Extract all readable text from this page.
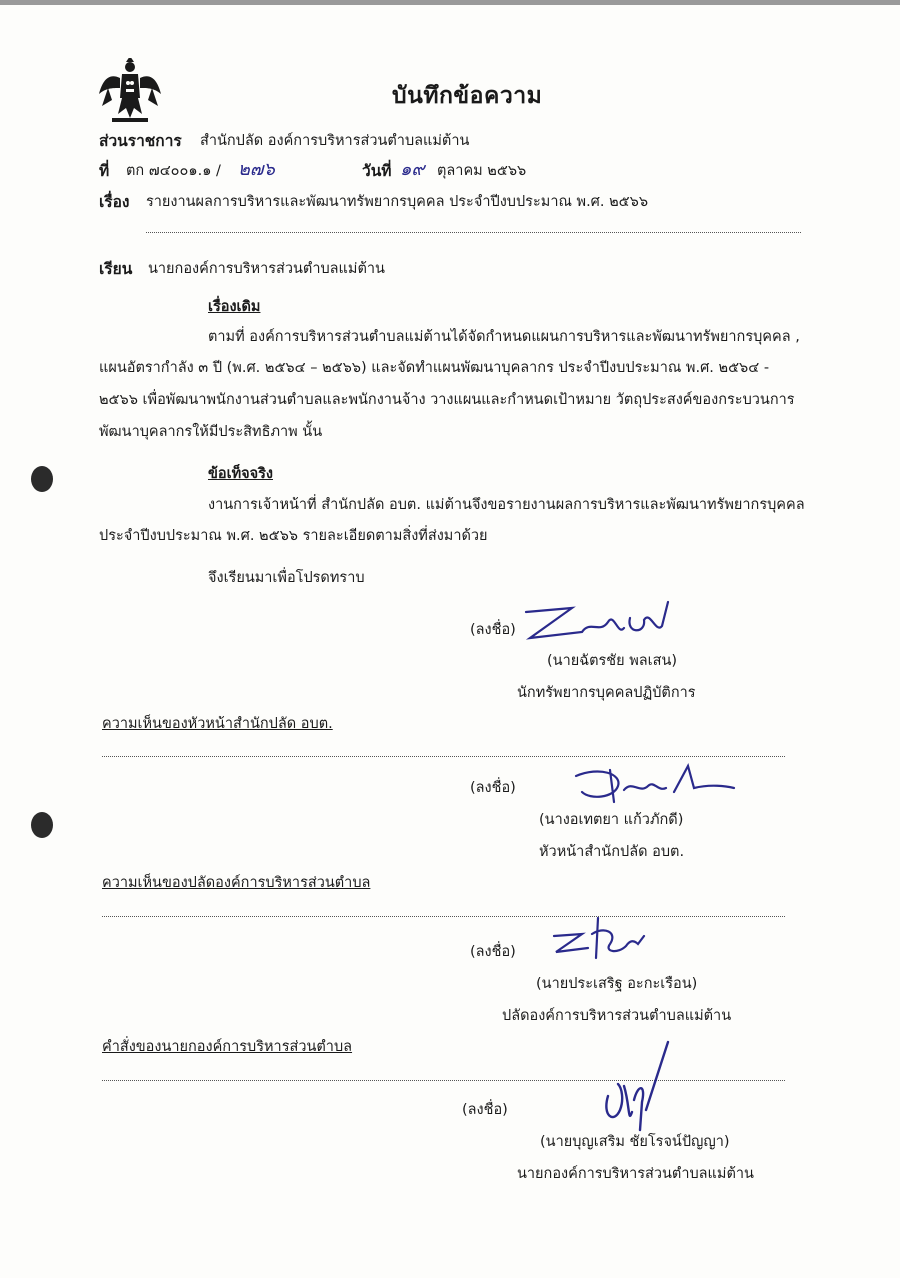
บันทึกข้อความ
ส่วนราชการ สำนักปลัด องค์การบริหารส่วนตำบลแม่ต้าน
ที่ ตก ๗๔๐๐๑.๑ / ๒๗๖	วันที่ ๑๙ ตุลาคม ๒๕๖๖
เรื่อง รายงานผลการบริหารและพัฒนาทรัพยากรบุคคล ประจำปีงบประมาณ พ.ศ. ๒๕๖๖
เรียน นายกองค์การบริหารส่วนตำบลแม่ต้าน
เรื่องเดิม
ตามที่ องค์การบริหารส่วนตำบลแม่ต้านได้จัดกำหนดแผนการบริหารและพัฒนาทรัพยากรบุคคล ,
แผนอัตรากำลัง ๓ ปี (พ.ศ. ๒๕๖๔ – ๒๕๖๖) และจัดทำแผนพัฒนาบุคลากร ประจำปีงบประมาณ พ.ศ. ๒๕๖๔ -
๒๕๖๖ เพื่อพัฒนาพนักงานส่วนตำบลและพนักงานจ้าง วางแผนและกำหนดเป้าหมาย วัตถุประสงค์ของกระบวนการ
พัฒนาบุคลากรให้มีประสิทธิภาพ นั้น
ข้อเท็จจริง
งานการเจ้าหน้าที่ สำนักปลัด อบต. แม่ต้านจึงขอรายงานผลการบริหารและพัฒนาทรัพยากรบุคคล
ประจำปีงบประมาณ พ.ศ. ๒๕๖๖ รายละเอียดตามสิ่งที่ส่งมาด้วย
จึงเรียนมาเพื่อโปรดทราบ
(ลงชื่อ)
(นายฉัตรชัย พลเสน)
นักทรัพยากรบุคคลปฏิบัติการ
ความเห็นของหัวหน้าสำนักปลัด อบต.
(ลงชื่อ)
(นางอเทตยา แก้วภักดี)
หัวหน้าสำนักปลัด อบต.
ความเห็นของปลัดองค์การบริหารส่วนตำบล
(ลงชื่อ)
(นายประเสริฐ อะกะเรือน)
ปลัดองค์การบริหารส่วนตำบลแม่ต้าน
คำสั่งของนายกองค์การบริหารส่วนตำบล
(ลงชื่อ)
(นายบุญเสริม ชัยโรจน์ปัญญา)
นายกองค์การบริหารส่วนตำบลแม่ต้าน
